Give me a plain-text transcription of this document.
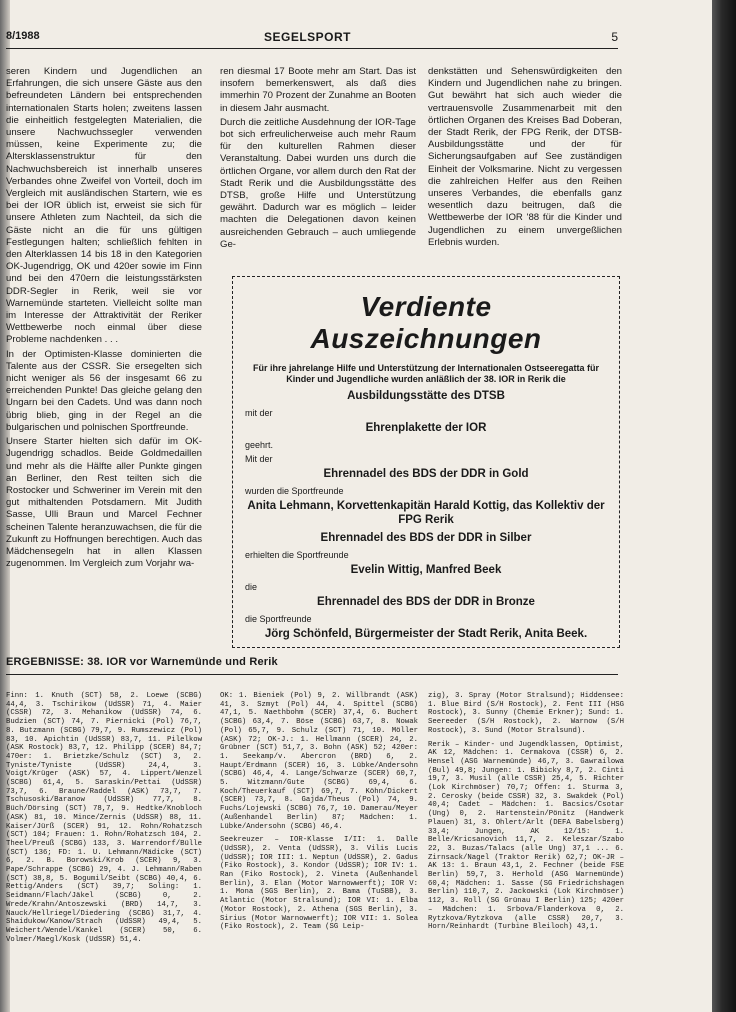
8/1988	SEGELSPORT	5

seren Kindern und Jugendlichen an Erfahrungen, die sich unsere Gäste aus den befreundeten Ländern bei entsprechenden internationalen Starts holen; zweitens lassen die einheitlich festgelegten Materialien, die unsere Nachwuchssegler verwenden müssen, keine Experimente zu; die Altersklassenstruktur für den Nachwuchsbereich ist innerhalb unseres Verbandes ohne Zweifel von Vorteil, doch im Vergleich mit ausländischen Startern, wie es bei der IOR üblich ist, erweist sie sich für unsere Athleten zum Nachteil, da sich die Gäste nicht an die für uns gültigen Festlegungen halten; schließlich fehlten in den Alterklassen 14 bis 18 in den Kategorien OK-Jugendrigg, OK und 420er sowie im Finn und bei den 470ern die leistungsstärksten DDR-Segler in Rerik, weil sie vor Warnemünde starteten. Vielleicht sollte man im Interesse der Attraktivität der Reriker Wettbewerbe noch einmal über diese Probleme nachdenken . . .

In der Optimisten-Klasse dominierten die Talente aus der CSSR. Sie ersegelten sich nicht weniger als 56 der insgesamt 66 zu erreichenden Punkte! Das gleiche gelang den Ungarn bei den Cadets. Und was dann noch übrig blieb, ging in der Regel an die bulgarischen und polnischen Sportfreunde.

Unsere Starter hielten sich dafür im OK-Jugendrigg schadlos. Beide Goldmedaillen und mehr als die Hälfte aller Punkte gingen an Berliner, den Rest teilten sich die Rostocker und Schweriner im Verein mit den gut mithaltenden Potsdamern. Mit Judith Sasse, Ulli Braun und Marcel Fechner scheinen Talente heranzuwachsen, die für die Zukunft zu Hoffnungen berechtigen. Auch das Mädchensegeln hat in allen Klassen zugenommen. Im Vergleich zum Vorjahr wa-

ren diesmal 17 Boote mehr am Start. Das ist insofern bemerkenswert, als daß dies immerhin 70 Prozent der Zunahme an Booten in diesem Jahr ausmacht.

Durch die zeitliche Ausdehnung der IOR-Tage bot sich erfreulicherweise auch mehr Raum für den kulturellen Rahmen dieser Veranstaltung. Dabei wurden uns durch die örtlichen Organe, vor allem durch den Rat der Stadt Rerik und die Ausbildungsstätte des DTSB, große Hilfe und Unterstützung gewährt. Dadurch war es möglich – leider machten die Delegationen davon keinen ausreichenden Gebrauch – auch umliegende Ge-

denkstätten und Sehenswürdigkeiten den Kindern und Jugendlichen nahe zu bringen. Gut bewährt hat sich auch wieder die vertrauensvolle Zusammenarbeit mit den örtlichen Organen des Kreises Bad Doberan, der Stadt Rerik, der FPG Rerik, der DTSB-Ausbildungsstätte und der für Sicherungsaufgaben auf See zuständigen Einheit der Volksmarine. Nicht zu vergessen die zahlreichen Helfer aus den Reihen unseres Verbandes, die ebenfalls ganz wesentlich dazu beitrugen, daß die Wettbewerbe der IOR '88 für die Kinder und Jugendlichen zu einem unvergeßlichen Erlebnis wurden.

Verdiente Auszeichnungen
Für ihre jahrelange Hilfe und Unterstützung der Internationalen Ostseeregatta für Kinder und Jugendliche wurden anläßlich der 38. IOR in Rerik die
Ausbildungsstätte des DTSB
mit der
Ehrenplakette der IOR
geehrt.
Mit der
Ehrennadel des BDS der DDR in Gold
wurden die Sportfreunde
Anita Lehmann, Korvettenkapitän Harald Kottig, das Kollektiv der FPG Rerik
Ehrennadel des BDS der DDR in Silber
erhielten die Sportfreunde
Evelin Wittig, Manfred Beek
die
Ehrennadel des BDS der DDR in Bronze
die Sportfreunde
Jörg Schönfeld, Bürgermeister der Stadt Rerik, Anita Beek.
ERGEBNISSE: 38. IOR vor Warnemünde und Rerik

Finn: 1. Knuth (SCT) 58, 2. Loewe (SCBG) 44,4, 3. Tschirikow (UdSSR) 71, 4. Maier (CSSR) 72, 3. Mehanikow (UdSSR) 74, 6. Budzien (SCT) 74, 7. Piernicki (Pol) 76,7, 8. Butzmann (SCBG) 79,7, 9. Rumszewicz (Pol) 83, 10. Apichtin (UdSSR) 83,7, 11. Pilelkow (ASK Rostock) 83,7, 12. Philipp (SCER) 84,7; 470er: 1. Brietzke/Schulz (SCT) 3, 2. Tyniste/Tyniste (UdSSR) 24,4, 3. Voigt/Krüger (ASK) 57, 4. Lippert/Wenzel (SCBG) 61,4, 5. Saraskin/Pettai (UdSSR) 73,7, 6. Braune/Raddel (ASK) 73,7, 7. Tschusoski/Baranow (UdSSR) 77,7, 8. Büch/Dörsing (SCT) 78,7, 9. Hedtke/Knobloch (ASK) 81, 10. Mince/Zernis (UdSSR) 88, 11. Kaiser/Jürß (SCER) 91, 12. Rohn/Rohatzsch (SCT) 104; Frauen: 1. Rohn/Rohatzsch 104, 2. Theel/Preuß (SCBG) 133, 3. Warrendorf/Bülle (SCT) 136; FD: 1. U. Lehmann/Mädicke (SCT) 6, 2. B. Borowski/Krob (SCER) 9, 3. Pape/Schrappe (SCBG) 29, 4. J. Lehmann/Raben (SCT) 38,8, 5. Bogumil/Seibt (SCBG) 40,4, 6. Rettig/Anders (SCT) 39,7; Soling: 1. Seidmann/Flach/Jäkel (SCBG) 0, 2. Wrede/Krahn/Antoszewski (BRD) 14,7, 3. Nauck/Hellriegel/Diedering (SCBG) 31,7, 4. Shaidukow/Kanow/Strach (UdSSR) 49,4, 5. Weichert/Wendel/Kankel (SCER) 50, 6. Volmer/Maegl/Kosk (UdSSR) 51,4.

OK: 1. Bieniek (Pol) 9, 2. Willbrandt (ASK) 41, 3. Szmyt (Pol) 44, 4. Spittel (SCBG) 47,1, 5. Naethbohm (SCER) 37,4, 6. Buchert (SCBG) 63,4, 7. Böse (SCBG) 63,7, 8. Nowak (Pol) 65,7, 9. Schulz (SCT) 71, 10. Möller (ASK) 72; OK-J.: 1. Hellmann (SCER) 24, 2. Grübner (SCT) 51,7, 3. Bohn (ASK) 52; 420er: 1. Seekamp/v. Abercron (BRD) 6, 2. Haupt/Erdmann (SCER) 16, 3. Lübke/Andersohn (SCBG) 46,4, 4. Lange/Schwarze (SCER) 60,7, 5. Witzmann/Gute (SCBG) 69,4, 6. Koch/Theuerkauf (SCT) 69,7, 7. Köhn/Dickert (SCER) 73,7, 8. Gajda/Theus (Pol) 74, 9. Fuchs/Lojewski (SCBG) 76,7, 10. Damerau/Meyer (Außenhandel Berlin) 87; Mädchen: 1. Lübke/Andersohn (SCBG) 46,4.

Seekreuzer – IOR-Klasse I/II: 1. Dalle (UdSSR), 2. Venta (UdSSR), 3. Vilis Lucis (UdSSR); IOR III: 1. Neptun (UdSSR), 2. Gadus (Fiko Rostock), 3. Kondor (UdSSR); IOR IV: 1. Ran (Fiko Rostock), 2. Vineta (Außenhandel Berlin), 3. Elan (Motor Warnowwerft); IOR V: 1. Mona (SGS Berlin), 2. Bama (TuSBB), 3. Atlantic (Motor Stralsund); IOR VI: 1. Elba (Motor Rostock), 2. Athena (SGS Berlin), 3. Sirius (Motor Warnowwerft); IOR VII: 1. Solea (Fiko Rostock), 2. Team (SG Leip-

zig), 3. Spray (Motor Stralsund); Hiddensee: 1. Blue Bird (S/H Rostock), 2. Fent III (HSG Rostock), 3. Sunny (Chemie Erkner); Sund: 1. Seereeder (S/H Rostock), 2. Warnow (S/H Rostock), 3. Sund (Motor Stralsund).

Rerik – Kinder- und Jugendklassen, Optimist, AK 12, Mädchen: 1. Cermakova (CSSR) 6, 2. Hensel (ASG Warnemünde) 46,7, 3. Gawrailowa (Bul) 49,8; Jungen: 1. Bibicky 8,7, 2. Cinti 19,7, 3. Musil (alle CSSR) 25,4, 5. Richter (Lok Kirchmöser) 70,7; Offen: 1. Sturma 3, 2. Cerosky (beide CSSR) 32, 3. Swakdek (Pol) 40,4; Cadet – Mädchen: 1. Bacsics/Csotar (Ung) 0, 2. Hartenstein/Pönitz (Handwerk Plauen) 31, 3. Ohlert/Arlt (DEFA Babelsberg) 33,4; Jungen, AK 12/15: 1. Belle/Kricsanovich 11,7, 2. Keleszar/Szabo 22, 3. Buzas/Talacs (alle Ung) 37,1 ... 6. Zirnsack/Nagel (Traktor Rerik) 62,7; OK-JR – AK 13: 1. Braun 43,1, 2. Fechner (beide FSE Berlin) 59,7, 3. Herhold (ASG Warnemünde) 60,4; Mädchen: 1. Sasse (SG Friedrichshagen Berlin) 110,7, 2. Jackowski (Lok Kirchmöser) 112, 3. Roll (SG Grünau I Berlin) 125; 420er – Mädchen: 1. Srbova/Flanderkova 0, 2. Rytzkova/Rytzkova (alle CSSR) 20,7, 3. Horn/Reinhardt (Turbine Bleiloch) 43,1.
